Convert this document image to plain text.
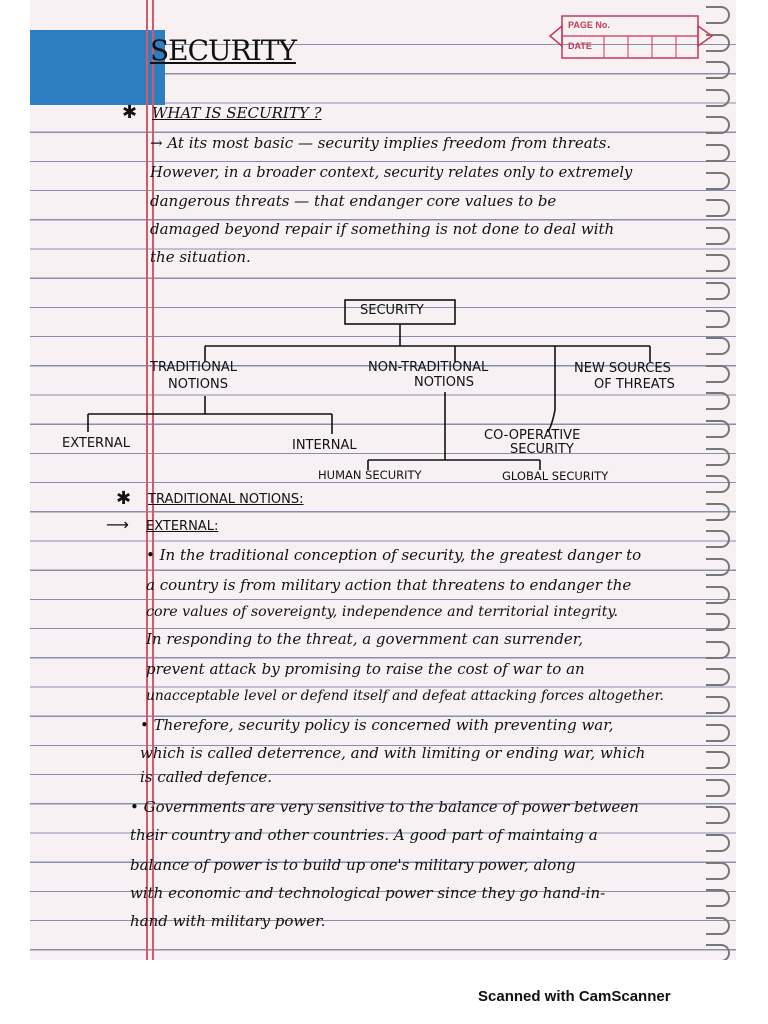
PAGE No.
DATE
SECURITY
✱ WHAT IS SECURITY ?
→ At its most basic — security implies freedom from threats.
However, in a broader context, security relates only to extremely
dangerous threats — that endanger core values to be
damaged beyond repair if something is not done to deal with
the situation.
SECURITY
TRADITIONAL
NOTIONS
NON-TRADITIONAL
NOTIONS
NEW SOURCES
OF THREATS
EXTERNAL	INTERNAL
CO-OPERATIVE
SECURITY
HUMAN SECURITY	GLOBAL SECURITY
✱ TRADITIONAL NOTIONS:
⟶ EXTERNAL:
• In the traditional conception of security, the greatest danger to
a country is from military action that threatens to endanger the
core values of sovereignty, independence and territorial integrity.
In responding to the threat, a government can surrender,
prevent attack by promising to raise the cost of war to an
unacceptable level or defend itself and defeat attacking forces altogether.
• Therefore, security policy is concerned with preventing war,
which is called deterrence, and with limiting or ending war, which
is called defence.
• Governments are very sensitive to the balance of power between
their country and other countries. A good part of maintaing a
balance of power is to build up one's military power, along
with economic and technological power since they go hand-in-
hand with military power.
Scanned with CamScanner
